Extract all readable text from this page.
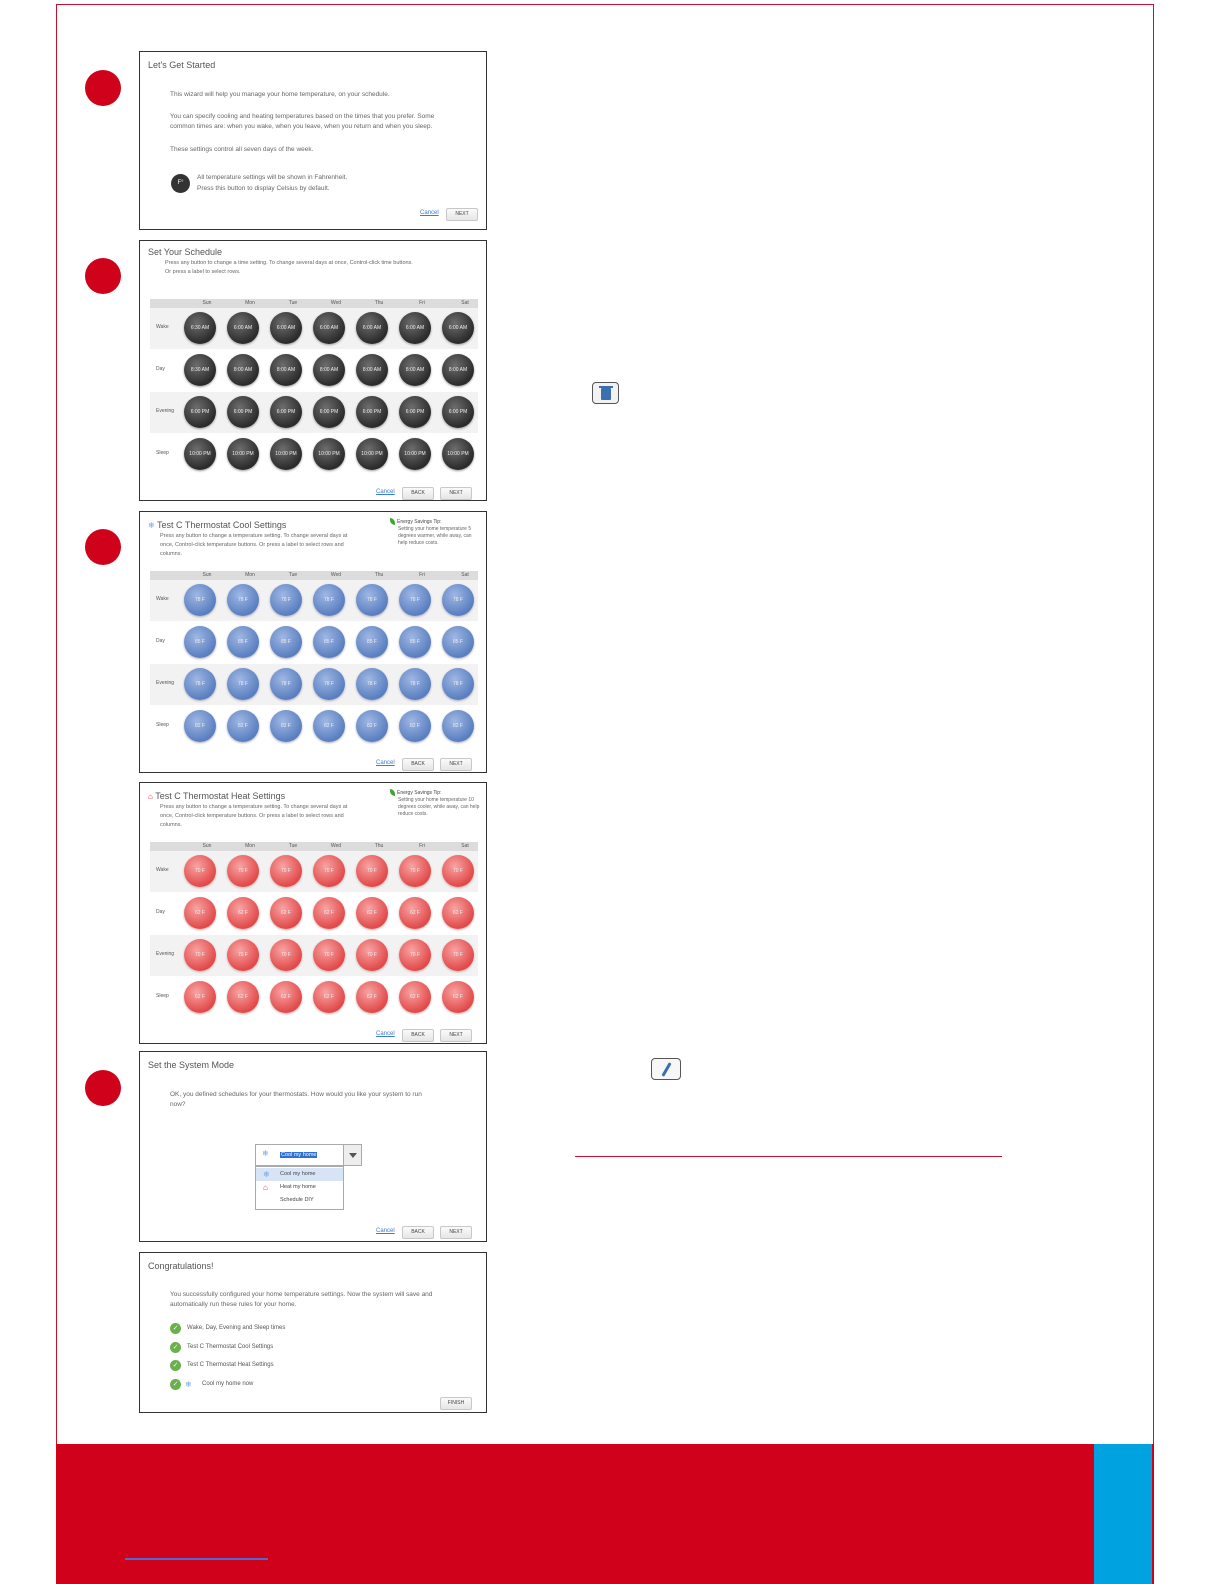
Let's Get Started
This wizard will help you manage your home temperature, on your schedule.
You can specify cooling and heating temperatures based on the times that you prefer. Some
common times are: when you wake, when you leave, when you return and when you sleep.
These settings control all seven days of the week.
F°
All temperature settings will be shown in Fahrenheit.
Press this button to display Celsius by default.
Cancel	NEXT
Set Your Schedule
Press any button to change a time setting. To change several days at once, Control-click time buttons.
Or press a label to select rows.
Sun	Mon	Tue	Wed	Thu	Fri	Sat
Cancel	BACK	NEXT
Wake	6:30 AM	6:00 AM	6:00 AM	6:00 AM	6:00 AM	6:00 AM	6:00 AM
Day	8:30 AM	8:00 AM	8:00 AM	8:00 AM	8:00 AM	8:00 AM	8:00 AM
Evening	6:00 PM	6:00 PM	6:00 PM	6:00 PM	6:00 PM	6:00 PM	6:00 PM
Sleep	10:00 PM	10:00 PM	10:00 PM	10:00 PM	10:00 PM	10:00 PM	10:00 PM
❄ Test C Thermostat Cool Settings
Press any button to change a temperature setting. To change several days at
once, Control-click temperature buttons. Or press a label to select rows and
columns.
Energy Savings Tip:
Setting your home temperature 5 degrees warmer, while away, can help reduce costs.
Sun	Mon	Tue	Wed	Thu	Fri	Sat
Cancel	BACK	NEXT
Wake	78 F	78 F	78 F	78 F	78 F	78 F	78 F
Day	85 F	85 F	85 F	85 F	85 F	85 F	85 F
Evening	78 F	78 F	78 F	78 F	78 F	78 F	78 F
Sleep	82 F	82 F	82 F	82 F	82 F	82 F	82 F
⌂ Test C Thermostat Heat Settings
Press any button to change a temperature setting. To change several days at
once, Control-click temperature buttons. Or press a label to select rows and
columns.
Energy Savings Tip:
Setting your home temperature 10 degrees cooler, while away, can help reduce costs.
Sun	Mon	Tue	Wed	Thu	Fri	Sat
Cancel	BACK	NEXT
Wake	70 F	70 F	70 F	70 F	70 F	70 F	70 F
Day	62 F	62 F	62 F	62 F	62 F	62 F	62 F
Evening	70 F	70 F	70 F	70 F	70 F	70 F	70 F
Sleep	62 F	62 F	62 F	62 F	62 F	62 F	62 F
Set the System Mode
OK, you defined schedules for your thermostats. How would you like your system to run
now?
❄ Cool my home
❄ Cool my home
⌂ Heat my home
Schedule DIY
Cancel	BACK	NEXT
Congratulations!
You successfully configured your home temperature settings. Now the system will save and
automatically run these rules for your home.
✓	Wake, Day, Evening and Sleep times
✓	Test C Thermostat Cool Settings
✓	Test C Thermostat Heat Settings
✓ ❄ Cool my home now
FINISH
